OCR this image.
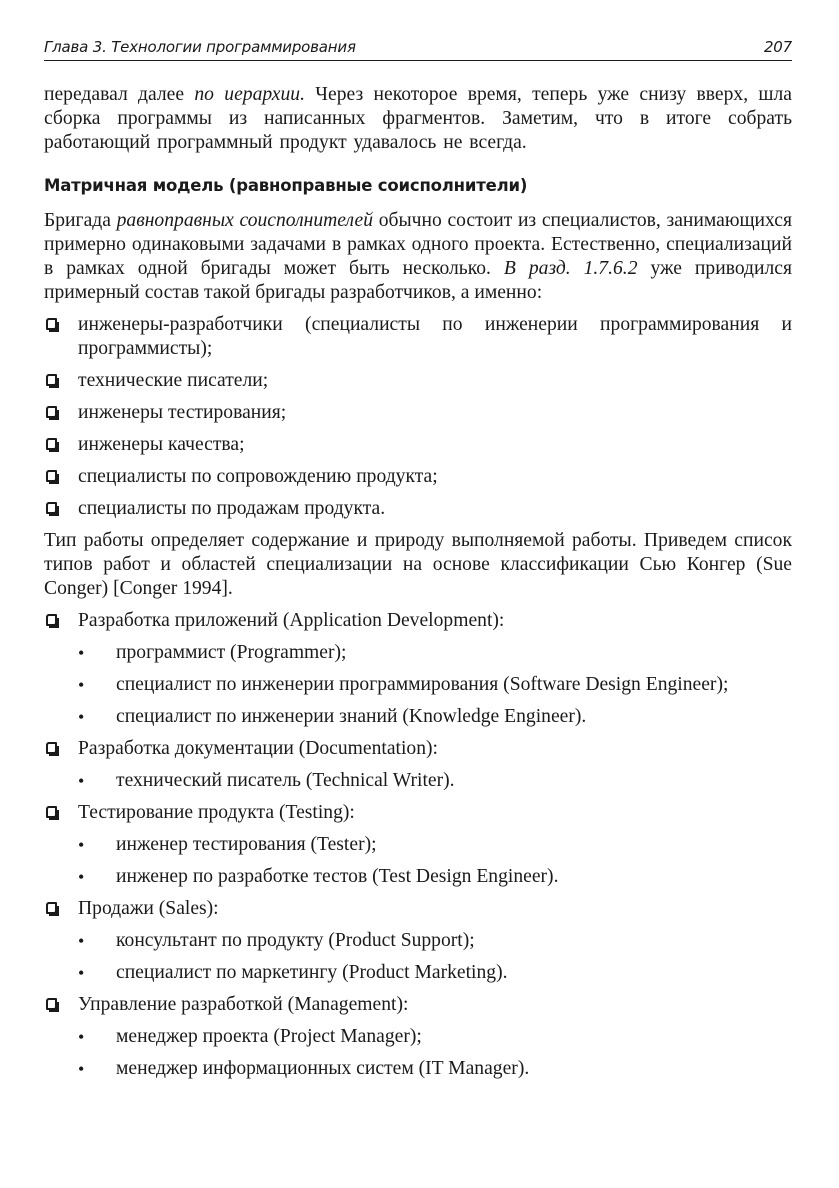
Глава 3. Технологии программирования	207

передавал далее по иерархии. Через некоторое время, теперь уже снизу вверх, шла сборка программы из написанных фрагментов. Заметим, что в итоге собрать работающий программный продукт удавалось не всегда.

Матричная модель (равноправные соисполнители)

Бригада равноправных соисполнителей обычно состоит из специалистов, занимающихся примерно одинаковыми задачами в рамках одного проекта. Естественно, специализаций в рамках одной бригады может быть несколько. В разд. 1.7.6.2 уже приводился примерный состав такой бригады разработчиков, а именно:

инженеры-разработчики (специалисты по инженерии программирования и программисты);
технические писатели;
инженеры тестирования;
инженеры качества;
специалисты по сопровождению продукта;
специалисты по продажам продукта.

Тип работы определяет содержание и природу выполняемой работы. Приведем список типов работ и областей специализации на основе классификации Сью Конгер (Sue Conger) [Conger 1994].

Разработка приложений (Application Development):
• программист (Programmer);
• специалист по инженерии программирования (Software Design Engineer);
• специалист по инженерии знаний (Knowledge Engineer).
Разработка документации (Documentation):
• технический писатель (Technical Writer).
Тестирование продукта (Testing):
• инженер тестирования (Tester);
• инженер по разработке тестов (Test Design Engineer).
Продажи (Sales):
• консультант по продукту (Product Support);
• специалист по маркетингу (Product Marketing).
Управление разработкой (Management):
• менеджер проекта (Project Manager);
• менеджер информационных систем (IT Manager).
